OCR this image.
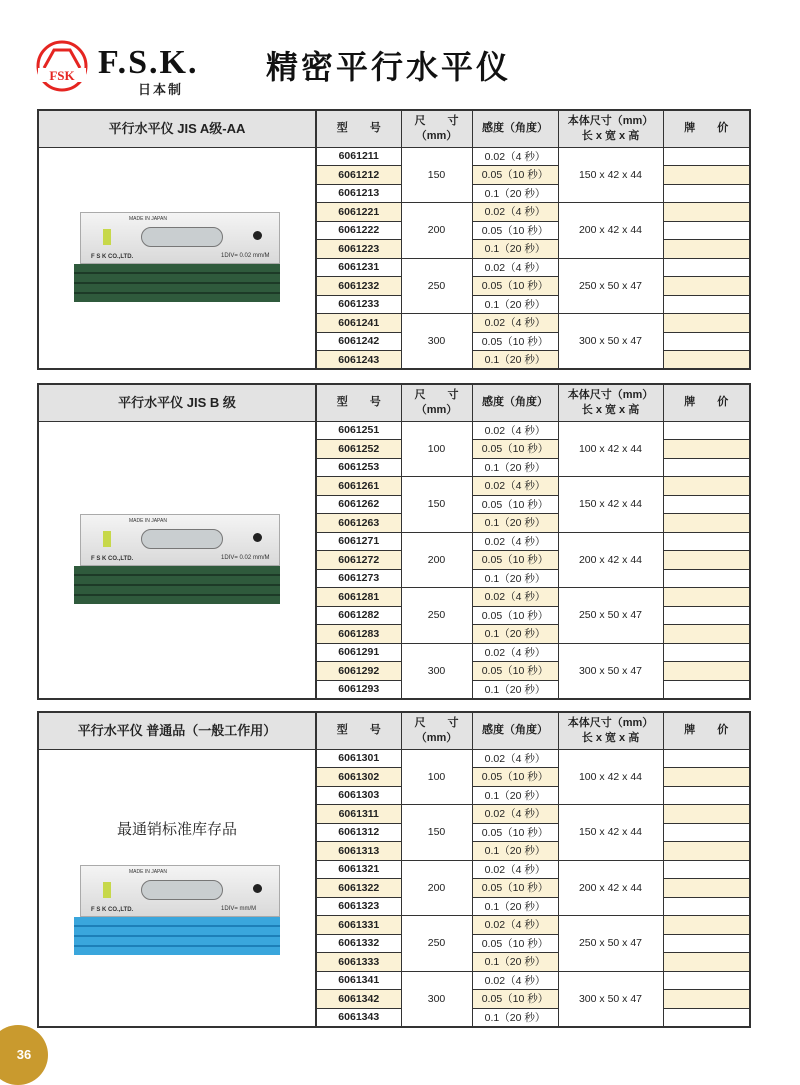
FSK F.S.K.
日本制
精密平行水平仪
平行水平仪 JIS A级-AA	型　　号	尺　　寸
（mm）	感度（角度）	本体尺寸（mm）
长 x 宽 x 高	牌　　价

MADE IN JAPAN
F S K CO.,LTD. 1DIV= 0.02 mm/M	6061211	150	0.02（4 秒）	150 x 42 x 44	
	6061212		0.05（10 秒）		
	6061213		0.1（20 秒）		
	6061221	200	0.02（4 秒）	200 x 42 x 44	
	6061222		0.05（10 秒）		
	6061223		0.1（20 秒）		
	6061231	250	0.02（4 秒）	250 x 50 x 47	
	6061232		0.05（10 秒）		
	6061233		0.1（20 秒）		
	6061241	300	0.02（4 秒）	300 x 50 x 47	
	6061242		0.05（10 秒）		
	6061243		0.1（20 秒）		
平行水平仪 JIS B 级	型　　号	尺　　寸
（mm）	感度（角度）	本体尺寸（mm）
长 x 宽 x 高	牌　　价

MADE IN JAPAN
F S K CO.,LTD. 1DIV= 0.02 mm/M	6061251	100	0.02（4 秒）	100 x 42 x 44	
	6061252		0.05（10 秒）		
	6061253		0.1（20 秒）		
	6061261	150	0.02（4 秒）	150 x 42 x 44	
	6061262		0.05（10 秒）		
	6061263		0.1（20 秒）		
	6061271	200	0.02（4 秒）	200 x 42 x 44	
	6061272		0.05（10 秒）		
	6061273		0.1（20 秒）		
	6061281	250	0.02（4 秒）	250 x 50 x 47	
	6061282		0.05（10 秒）		
	6061283		0.1（20 秒）		
	6061291	300	0.02（4 秒）	300 x 50 x 47	
	6061292		0.05（10 秒）		
	6061293		0.1（20 秒）		
平行水平仪 普通品（一般工作用）	型　　号	尺　　寸
（mm）	感度（角度）	本体尺寸（mm）
长 x 宽 x 高	牌　　价

最通销标准库存品
MADE IN JAPAN
F S K CO.,LTD. 1DIV= mm/M	6061301	100	0.02（4 秒）	100 x 42 x 44	
	6061302		0.05（10 秒）		
	6061303		0.1（20 秒）		
	6061311	150	0.02（4 秒）	150 x 42 x 44	
	6061312		0.05（10 秒）		
	6061313		0.1（20 秒）		
	6061321	200	0.02（4 秒）	200 x 42 x 44	
	6061322		0.05（10 秒）		
	6061323		0.1（20 秒）		
	6061331	250	0.02（4 秒）	250 x 50 x 47	
	6061332		0.05（10 秒）		
	6061333		0.1（20 秒）		
	6061341	300	0.02（4 秒）	300 x 50 x 47	
	6061342		0.05（10 秒）		
	6061343		0.1（20 秒）		
36
